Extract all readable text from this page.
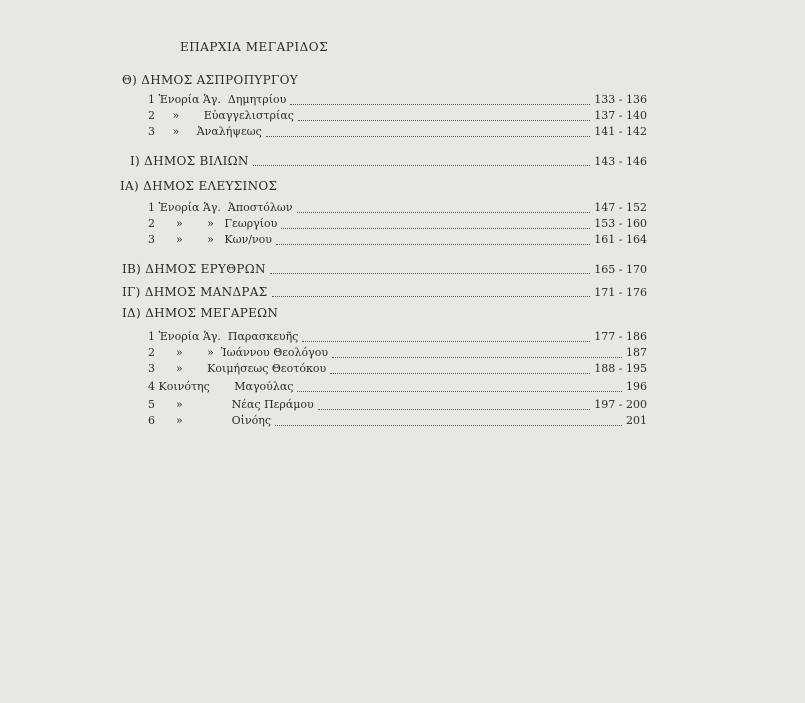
ΕΠΑΡΧΙΑ ΜΕΓΑΡΙΔΟΣ
Θ) ΔΗΜΟΣ ΑΣΠΡΟΠΥΡΓΟΥ
1 Ἐνορία Ἁγ.  Δημητρίου	133 - 136
2     »       Εὐαγγελιστρίας	137 - 140
3     »     Ἀναλήψεως	141 - 142
Ι) ΔΗΜΟΣ ΒΙΛΙΩΝ	143 - 146
ΙΑ) ΔΗΜΟΣ ΕΛΕΥΣΙΝΟΣ
1 Ἐνορία Ἁγ.  Ἀποστόλων	147 - 152
2      »       »   Γεωργίου	153 - 160
3      »       »   Κων/νου	161 - 164
ΙΒ) ΔΗΜΟΣ ΕΡΥΘΡΩΝ	165 - 170
ΙΓ) ΔΗΜΟΣ ΜΑΝΔΡΑΣ	171 - 176
ΙΔ) ΔΗΜΟΣ ΜΕΓΑΡΕΩΝ
1 Ἐνορία Ἁγ.  Παρασκευῆς	177 - 186
2      »       »  Ἰωάννου Θεολόγου	187
3      »       Κοιμήσεως Θεοτόκου	188 - 195
4 Κοινότης       Μαγούλας	196
5      »              Νέας Περάμου	197 - 200
6      »              Οἰνόης	201
